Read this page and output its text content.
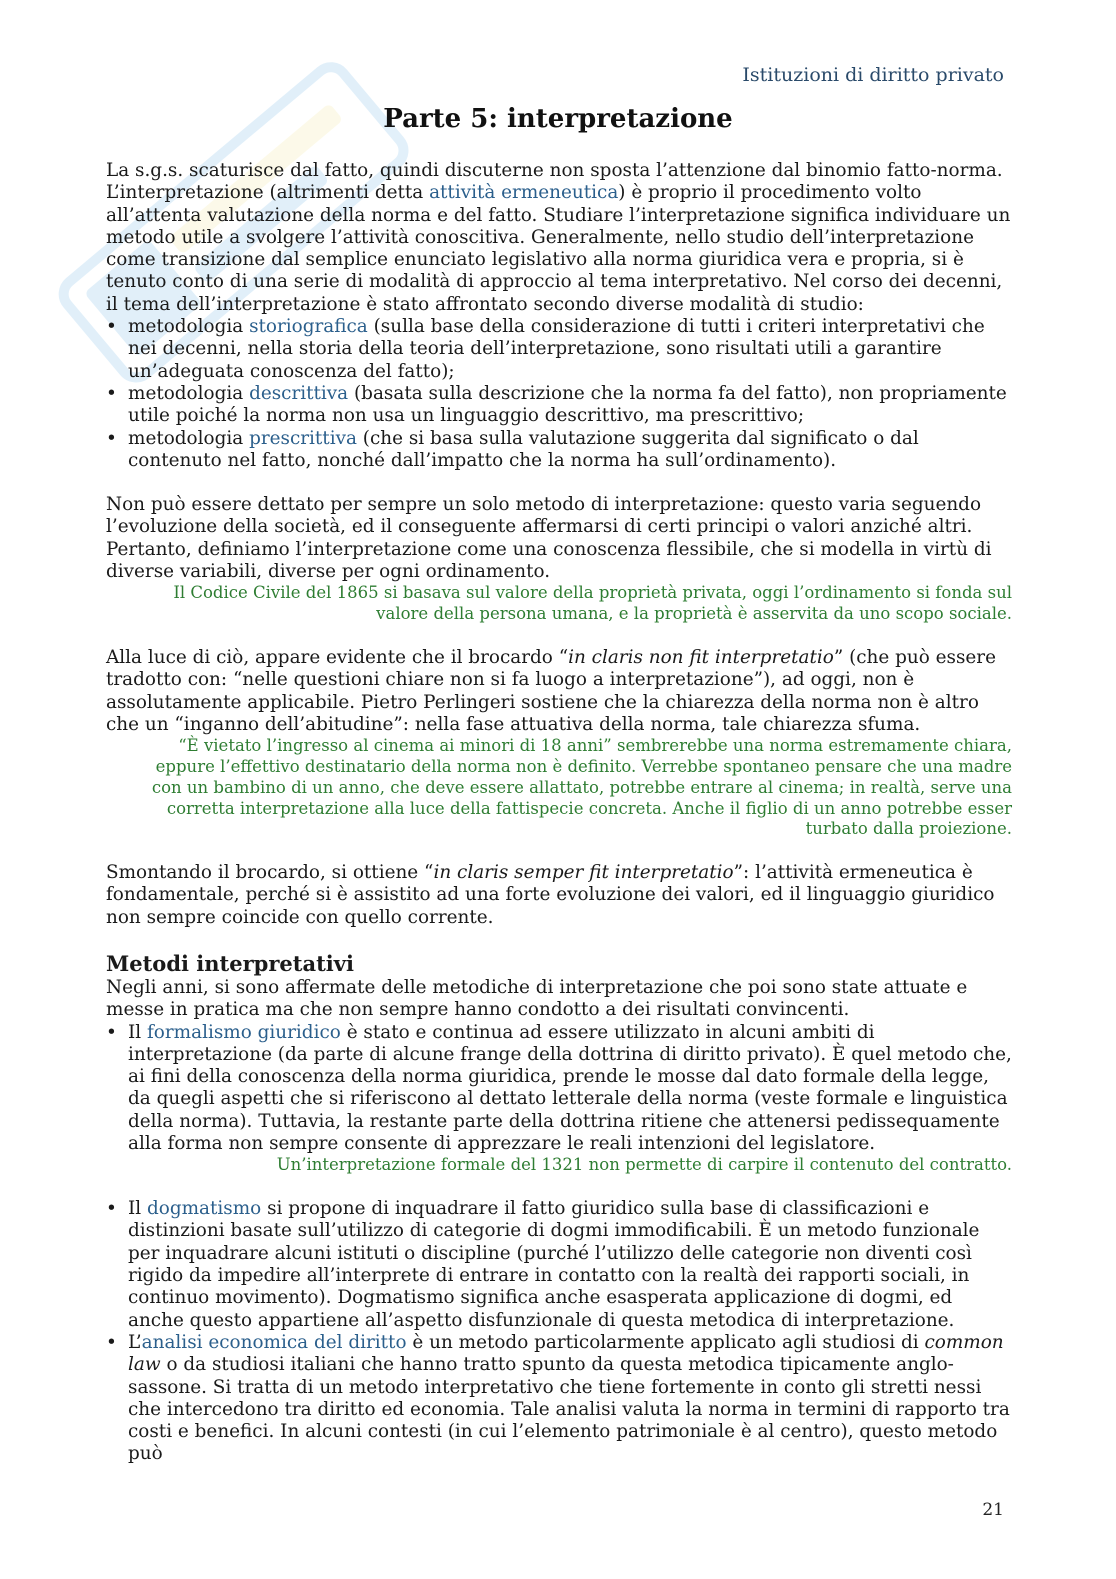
Istituzioni di diritto privato
Parte 5: interpretazione

La s.g.s. scaturisce dal fatto, quindi discuterne non sposta l’attenzione dal binomio fatto-norma. L’interpretazione (altrimenti detta attività ermeneutica) è proprio il procedimento volto all’attenta valutazione della norma e del fatto. Studiare l’interpretazione significa individuare un metodo utile a svolgere l’attività conoscitiva. Generalmente, nello studio dell’interpretazione come transizione dal semplice enunciato legislativo alla norma giuridica vera e propria, si è tenuto conto di una serie di modalità di approccio al tema interpretativo. Nel corso dei decenni, il tema dell’interpretazione è stato affrontato secondo diverse modalità di studio:

• metodologia storiografica (sulla base della considerazione di tutti i criteri interpretativi che nei decenni, nella storia della teoria dell’interpretazione, sono risultati utili a garantire un’adeguata conoscenza del fatto);
• metodologia descrittiva (basata sulla descrizione che la norma fa del fatto), non propriamente utile poiché la norma non usa un linguaggio descrittivo, ma prescrittivo;
• metodologia prescrittiva (che si basa sulla valutazione suggerita dal significato o dal contenuto nel fatto, nonché dall’impatto che la norma ha sull’ordinamento).

Non può essere dettato per sempre un solo metodo di interpretazione: questo varia seguendo l’evoluzione della società, ed il conseguente affermarsi di certi principi o valori anziché altri. Pertanto, definiamo l’interpretazione come una conoscenza flessibile, che si modella in virtù di diverse variabili, diverse per ogni ordinamento.

Il Codice Civile del 1865 si basava sul valore della proprietà privata, oggi l’ordinamento si fonda sul valore della persona umana, e la proprietà è asservita da uno scopo sociale.

Alla luce di ciò, appare evidente che il brocardo “in claris non fit interpretatio” (che può essere tradotto con: “nelle questioni chiare non si fa luogo a interpretazione”), ad oggi, non è assolutamente applicabile. Pietro Perlingeri sostiene che la chiarezza della norma non è altro che un “inganno dell’abitudine”: nella fase attuativa della norma, tale chiarezza sfuma.

“È vietato l’ingresso al cinema ai minori di 18 anni” sembrerebbe una norma estremamente chiara, eppure l’effettivo destinatario della norma non è definito. Verrebbe spontaneo pensare che una madre con un bambino di un anno, che deve essere allattato, potrebbe entrare al cinema; in realtà, serve una corretta interpretazione alla luce della fattispecie concreta. Anche il figlio di un anno potrebbe esser turbato dalla proiezione.

Smontando il brocardo, si ottiene “in claris semper fit interpretatio”: l’attività ermeneutica è fondamentale, perché si è assistito ad una forte evoluzione dei valori, ed il linguaggio giuridico non sempre coincide con quello corrente.

Metodi interpretativi

Negli anni, si sono affermate delle metodiche di interpretazione che poi sono state attuate e messe in pratica ma che non sempre hanno condotto a dei risultati convincenti.

• Il formalismo giuridico è stato e continua ad essere utilizzato in alcuni ambiti di interpretazione (da parte di alcune frange della dottrina di diritto privato). È quel metodo che, ai fini della conoscenza della norma giuridica, prende le mosse dal dato formale della legge, da quegli aspetti che si riferiscono al dettato letterale della norma (veste formale e linguistica della norma). Tuttavia, la restante parte della dottrina ritiene che attenersi pedissequamente alla forma non sempre consente di apprezzare le reali intenzioni del legislatore.

Un’interpretazione formale del 1321 non permette di carpire il contenuto del contratto.

• Il dogmatismo si propone di inquadrare il fatto giuridico sulla base di classificazioni e distinzioni basate sull’utilizzo di categorie di dogmi immodificabili. È un metodo funzionale per inquadrare alcuni istituti o discipline (purché l’utilizzo delle categorie non diventi così rigido da impedire all’interprete di entrare in contatto con la realtà dei rapporti sociali, in continuo movimento). Dogmatismo significa anche esasperata applicazione di dogmi, ed anche questo appartiene all’aspetto disfunzionale di questa metodica di interpretazione.
• L’analisi economica del diritto è un metodo particolarmente applicato agli studiosi di common law o da studiosi italiani che hanno tratto spunto da questa metodica tipicamente anglo-sassone. Si tratta di un metodo interpretativo che tiene fortemente in conto gli stretti nessi che intercedono tra diritto ed economia. Tale analisi valuta la norma in termini di rapporto tra costi e benefici. In alcuni contesti (in cui l’elemento patrimoniale è al centro), questo metodo può
21
